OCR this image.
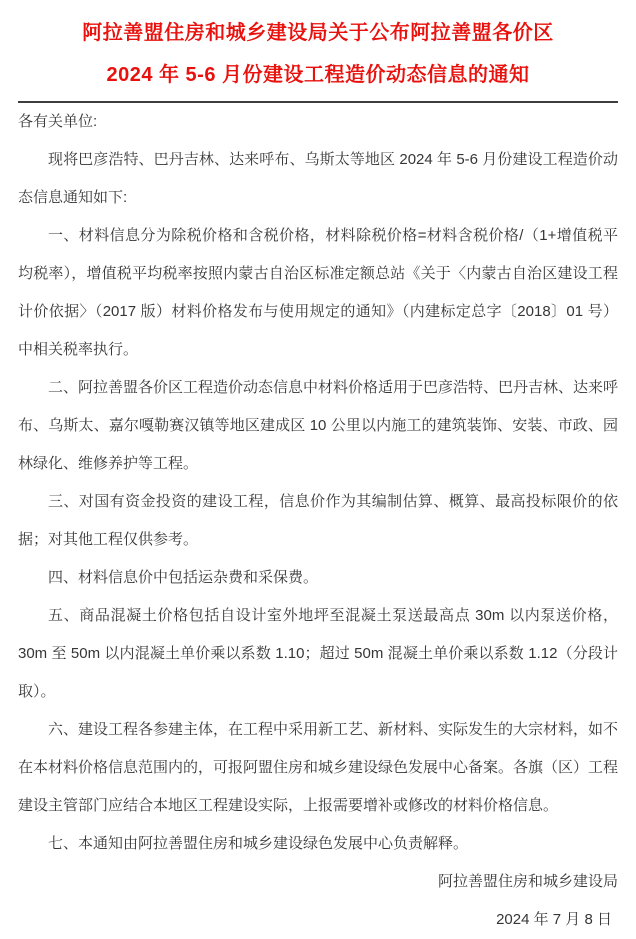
阿拉善盟住房和城乡建设局关于公布阿拉善盟各价区
2024 年 5-6 月份建设工程造价动态信息的通知

各有关单位:

现将巴彦浩特、巴丹吉林、达来呼布、乌斯太等地区 2024 年 5-6 月份建设工程造价动态信息通知如下:

一、材料信息分为除税价格和含税价格，材料除税价格=材料含税价格/（1+增值税平均税率），增值税平均税率按照内蒙古自治区标准定额总站《关于〈内蒙古自治区建设工程计价依据〉（2017 版）材料价格发布与使用规定的通知》（内建标定总字〔2018〕01 号）中相关税率执行。

二、阿拉善盟各价区工程造价动态信息中材料价格适用于巴彦浩特、巴丹吉林、达来呼布、乌斯太、嘉尔嘎勒赛汉镇等地区建成区 10 公里以内施工的建筑装饰、安装、市政、园林绿化、维修养护等工程。

三、对国有资金投资的建设工程，信息价作为其编制估算、概算、最高投标限价的依据；对其他工程仅供参考。

四、材料信息价中包括运杂费和采保费。

五、商品混凝土价格包括自设计室外地坪至混凝土泵送最高点 30m 以内泵送价格，30m 至 50m 以内混凝土单价乘以系数 1.10；超过 50m 混凝土单价乘以系数 1.12（分段计取）。

六、建设工程各参建主体，在工程中采用新工艺、新材料、实际发生的大宗材料，如不在本材料价格信息范围内的，可报阿盟住房和城乡建设绿色发展中心备案。各旗（区）工程建设主管部门应结合本地区工程建设实际，上报需要增补或修改的材料价格信息。

七、本通知由阿拉善盟住房和城乡建设绿色发展中心负责解释。

阿拉善盟住房和城乡建设局

2024 年 7 月 8 日
